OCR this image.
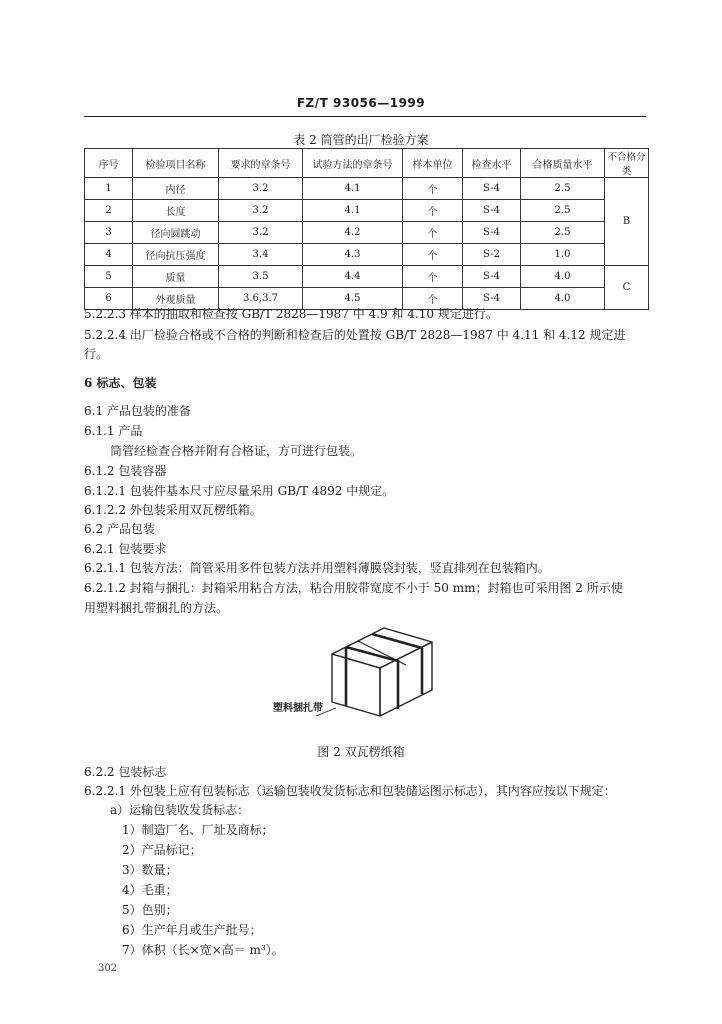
FZ/T 93056—1999
表 2 筒管的出厂检验方案
序号	检验项目名称	要求的章条号	试验方法的章条号	样本单位	检查水平	合格质量水平	不合格分类
1	内径	3.2	4.1	个	S-4	2.5	B
2	长度	3.2	4.1	个	S-4	2.5	
3	径向圆跳动	3.2	4.2	个	S-4	2.5	
4	径向抗压强度	3.4	4.3	个	S-2	1.0	
5	质量	3.5	4.4	个	S-4	4.0	C
6	外观质量	3.6,3.7	4.5	个	S-4	4.0	
5.2.2.3 样本的抽取和检查按 GB/T 2828—1987 中 4.9 和 4.10 规定进行。
5.2.2.4 出厂检验合格或不合格的判断和检查后的处置按 GB/T 2828—1987 中 4.11 和 4.12 规定进
行。
6 标志、包装
6.1 产品包装的准备
6.1.1 产品
筒管经检查合格并附有合格证，方可进行包装。
6.1.2 包装容器
6.1.2.1 包装件基本尺寸应尽量采用 GB/T 4892 中规定。
6.1.2.2 外包装采用双瓦楞纸箱。
6.2 产品包装
6.2.1 包装要求
6.2.1.1 包装方法：筒管采用多件包装方法并用塑料薄膜袋封装，竖直排列在包装箱内。
6.2.1.2 封箱与捆扎：封箱采用粘合方法，粘合用胶带宽度不小于 50 mm；封箱也可采用图 2 所示使
用塑料捆扎带捆扎的方法。
塑料捆扎带
图 2 双瓦楞纸箱
6.2.2 包装标志
6.2.2.1 外包装上应有包装标志（运输包装收发货标志和包装储运图示标志），其内容应按以下规定：
a）运输包装收发货标志：
1）制造厂名、厂址及商标；
2）产品标记；
3）数量；
4）毛重；
5）色别；
6）生产年月或生产批号；
7）体积（长×宽×高＝ m³）。
302
